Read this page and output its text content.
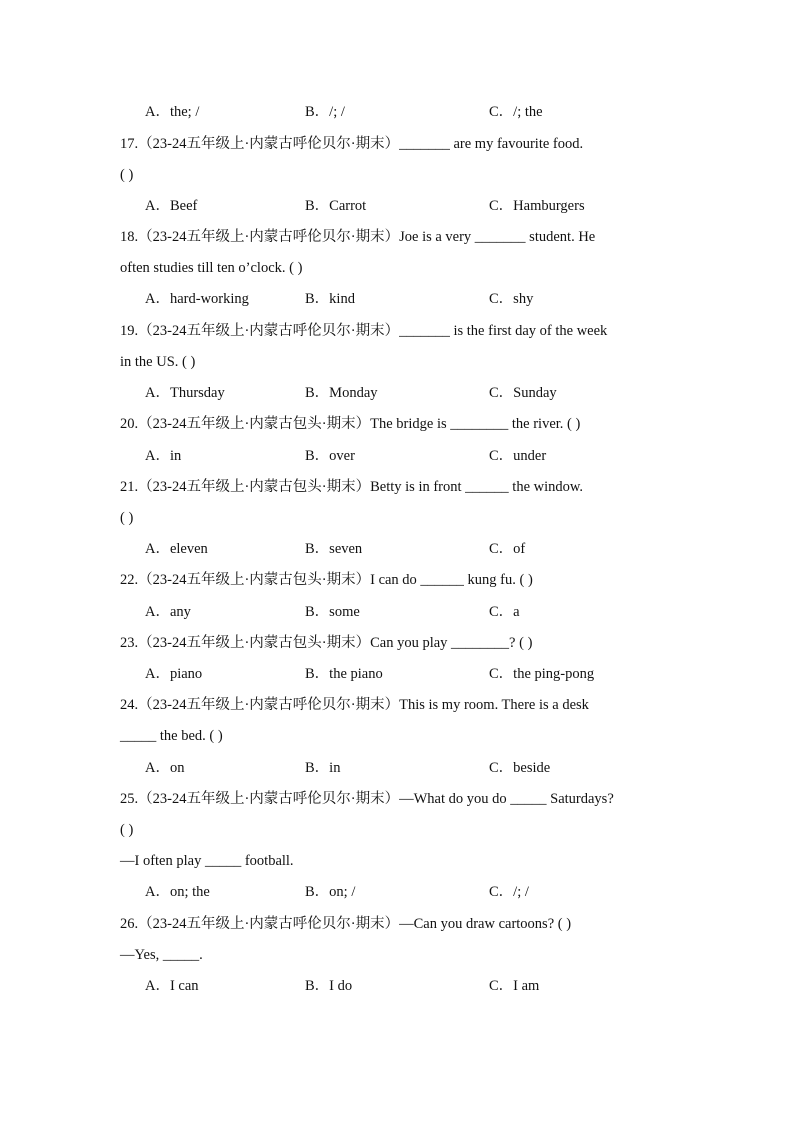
A．the; /	B．/; /	C．/; the
17.（23-24五年级上·内蒙古呼伦贝尔·期末）_______ are my favourite food.
( )
A．Beef	B．Carrot	C．Hamburgers
18.（23-24五年级上·内蒙古呼伦贝尔·期末）Joe is a very _______ student. He
often studies till ten o’clock. ( )
A．hard-working	B．kind	C．shy
19.（23-24五年级上·内蒙古呼伦贝尔·期末）_______ is the first day of the week
in the US. ( )
A．Thursday	B．Monday	C．Sunday
20.（23-24五年级上·内蒙古包头·期末）The bridge is ________ the river. ( )
A．in	B．over	C．under
21.（23-24五年级上·内蒙古包头·期末）Betty is in front ______ the window.
( )
A．eleven	B．seven	C．of
22.（23-24五年级上·内蒙古包头·期末）I can do ______ kung fu. ( )
A．any	B．some	C．a
23.（23-24五年级上·内蒙古包头·期末）Can you play ________? ( )
A．piano	B．the piano	C．the ping-pong
24.（23-24五年级上·内蒙古呼伦贝尔·期末）This is my room. There is a desk
_____ the bed. ( )
A．on	B．in	C．beside
25.（23-24五年级上·内蒙古呼伦贝尔·期末）—What do you do _____ Saturdays?
( )
—I often play _____ football.
A．on; the	B．on; /	C．/; /
26.（23-24五年级上·内蒙古呼伦贝尔·期末）—Can you draw cartoons? ( )
—Yes, _____.
A．I can	B．I do	C．I am
